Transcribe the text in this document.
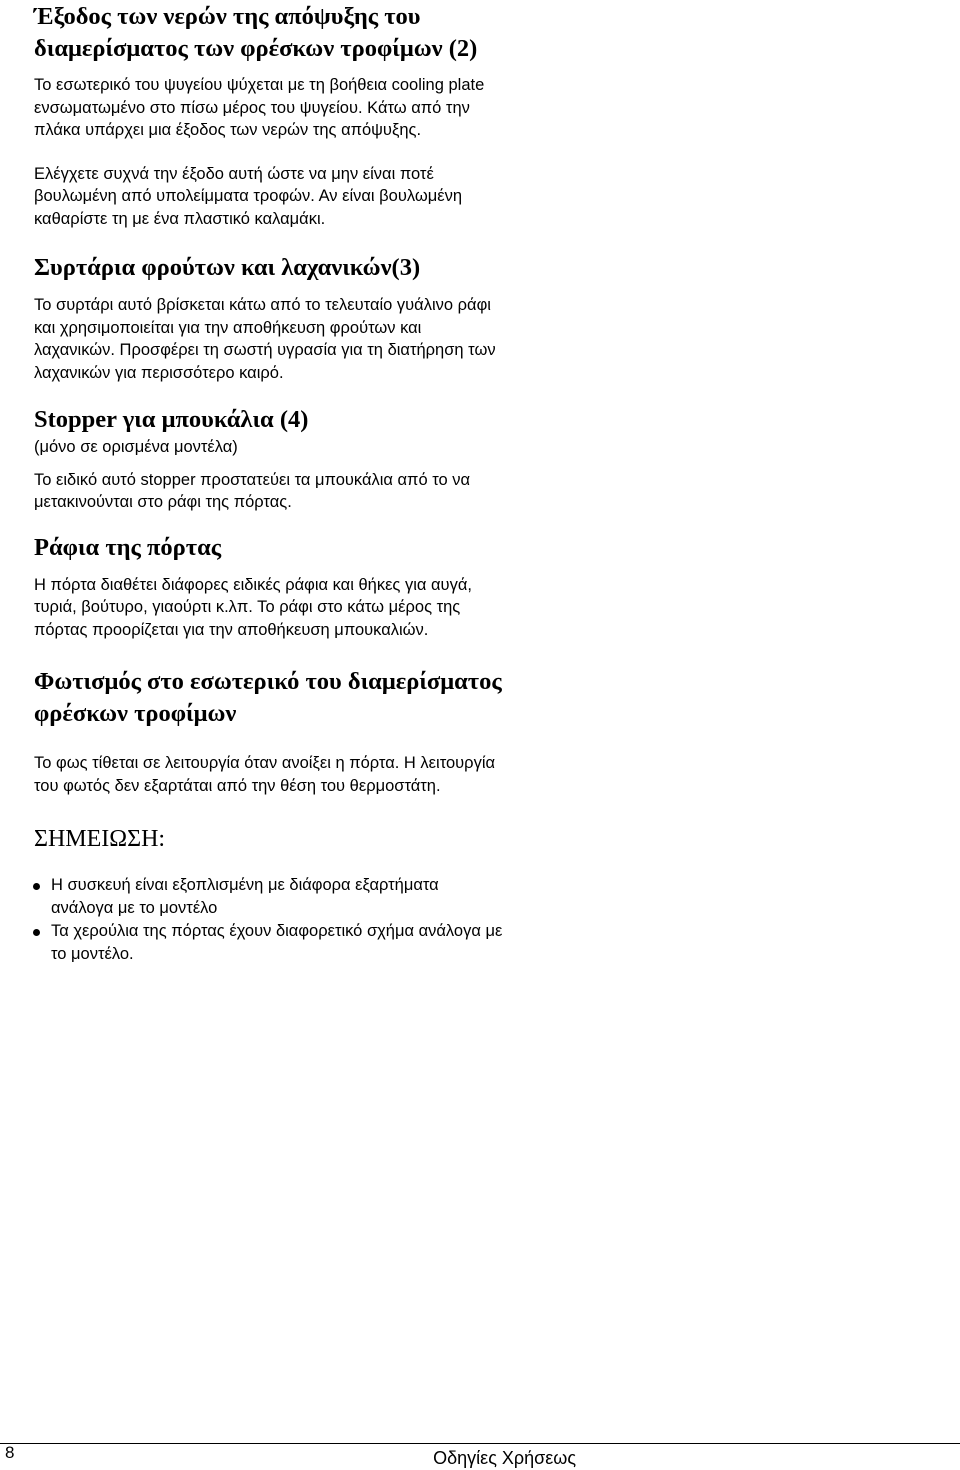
Έξοδος των νερών της απόψυξης του διαμερίσματος των φρέσκων τροφίμων (2)

Το εσωτερικό του ψυγείου ψύχεται με τη βοήθεια cooling plate ενσωματωμένο στο πίσω μέρος του ψυγείου. Κάτω από την πλάκα υπάρχει μια έξοδος των νερών της απόψυξης.

Ελέγχετε συχνά την έξοδο αυτή ώστε να μην είναι ποτέ βουλωμένη από υπολείμματα τροφών. Αν είναι βουλωμένη καθαρίστε τη με ένα πλαστικό καλαμάκι.

Συρτάρια φρούτων και λαχανικών(3)

Το συρτάρι αυτό βρίσκεται κάτω από το τελευταίο γυάλινο ράφι και χρησιμοποιείται για την αποθήκευση φρούτων και λαχανικών. Προσφέρει τη σωστή υγρασία για τη διατήρηση των λαχανικών για περισσότερο καιρό.

Stopper για μπουκάλια (4)

(μόνο σε ορισμένα μοντέλα)

Το ειδικό αυτό stopper προστατεύει τα μπουκάλια από το να μετακινούνται στο ράφι της πόρτας.

Ράφια της πόρτας

Η πόρτα διαθέτει διάφορες ειδικές ράφια και θήκες για αυγά, τυριά, βούτυρο, γιαούρτι κ.λπ. Το ράφι στο κάτω μέρος της πόρτας προορίζεται για την αποθήκευση μπουκαλιών.

Φωτισμός στο εσωτερικό του διαμερίσματος φρέσκων τροφίμων

Το φως τίθεται σε λειτουργία όταν ανοίξει η πόρτα. Η λειτουργία του φωτός δεν εξαρτάται από την θέση του θερμοστάτη.

ΣΗΜΕΙΩΣΗ:
Η συσκευή είναι εξοπλισμένη με διάφορα εξαρτήματα ανάλογα με το μοντέλο
Τα χερούλια της πόρτας έχουν διαφορετικό σχήμα ανάλογα με το μοντέλο.
8	Οδηγίες Χρήσεως
